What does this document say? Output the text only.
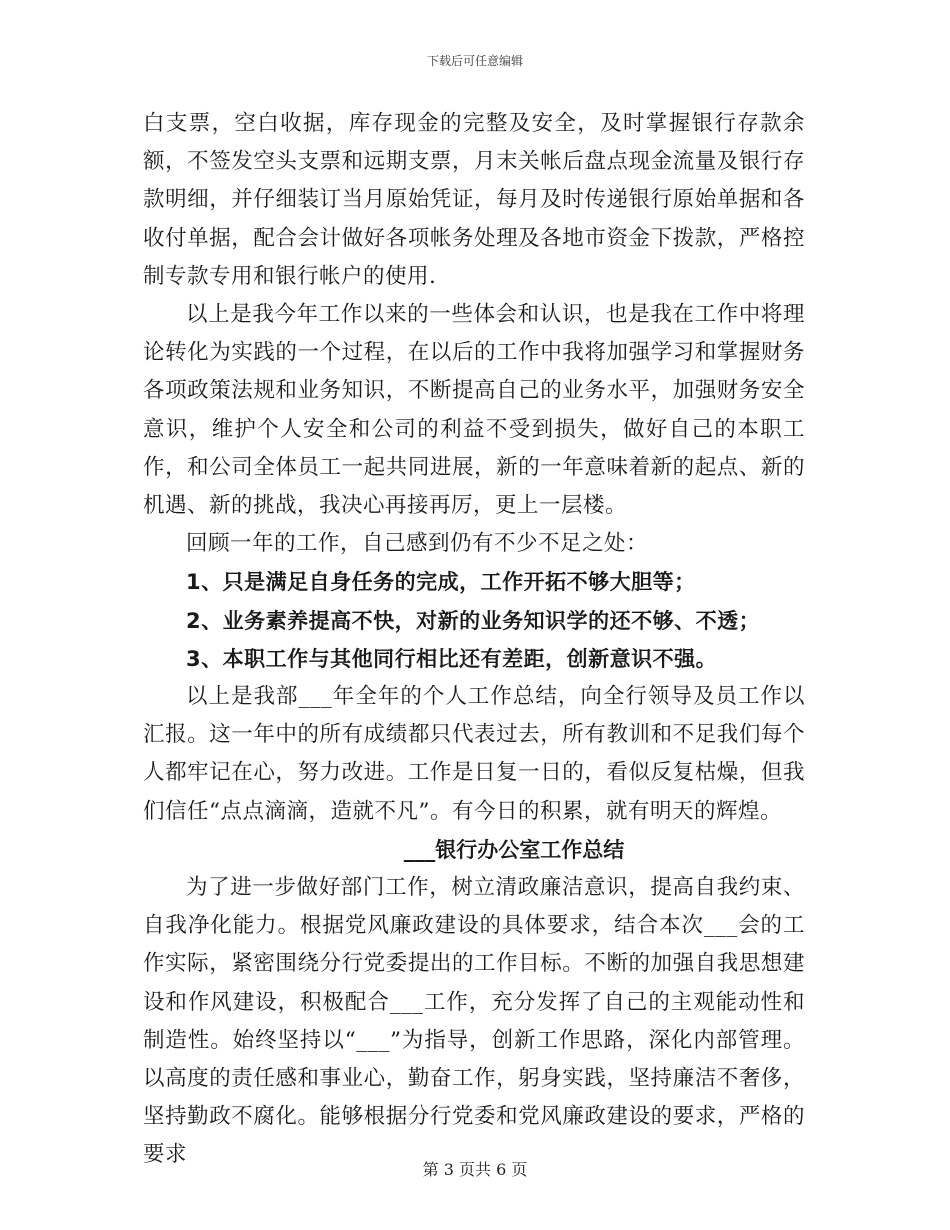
下载后可任意编辑

白支票，空白收据，库存现金的完整及安全，及时掌握银行存款余额，不签发空头支票和远期支票，月末关帐后盘点现金流量及银行存款明细，并仔细装订当月原始凭证，每月及时传递银行原始单据和各收付单据，配合会计做好各项帐务处理及各地市资金下拨款，严格控制专款专用和银行帐户的使用.

以上是我今年工作以来的一些体会和认识，也是我在工作中将理论转化为实践的一个过程，在以后的工作中我将加强学习和掌握财务各项政策法规和业务知识，不断提高自己的业务水平，加强财务安全意识，维护个人安全和公司的利益不受到损失，做好自己的本职工作，和公司全体员工一起共同进展，新的一年意味着新的起点、新的机遇、新的挑战，我决心再接再厉，更上一层楼。

回顾一年的工作，自己感到仍有不少不足之处：

1、只是满足自身任务的完成，工作开拓不够大胆等；

2、业务素养提高不快，对新的业务知识学的还不够、不透；

3、本职工作与其他同行相比还有差距，创新意识不强。

以上是我部___年全年的个人工作总结，向全行领导及员工作以汇报。这一年中的所有成绩都只代表过去，所有教训和不足我们每个人都牢记在心，努力改进。工作是日复一日的，看似反复枯燥，但我们信任“点点滴滴，造就不凡”。有今日的积累，就有明天的辉煌。

___银行办公室工作总结

为了进一步做好部门工作，树立清政廉洁意识，提高自我约束、自我净化能力。根据党风廉政建设的具体要求，结合本次___会的工作实际，紧密围绕分行党委提出的工作目标。不断的加强自我思想建设和作风建设，积极配合___工作，充分发挥了自己的主观能动性和制造性。始终坚持以“___”为指导，创新工作思路，深化内部管理。以高度的责任感和事业心，勤奋工作，躬身实践，坚持廉洁不奢侈，坚持勤政不腐化。能够根据分行党委和党风廉政建设的要求，严格的要求

第 3 页共 6 页
